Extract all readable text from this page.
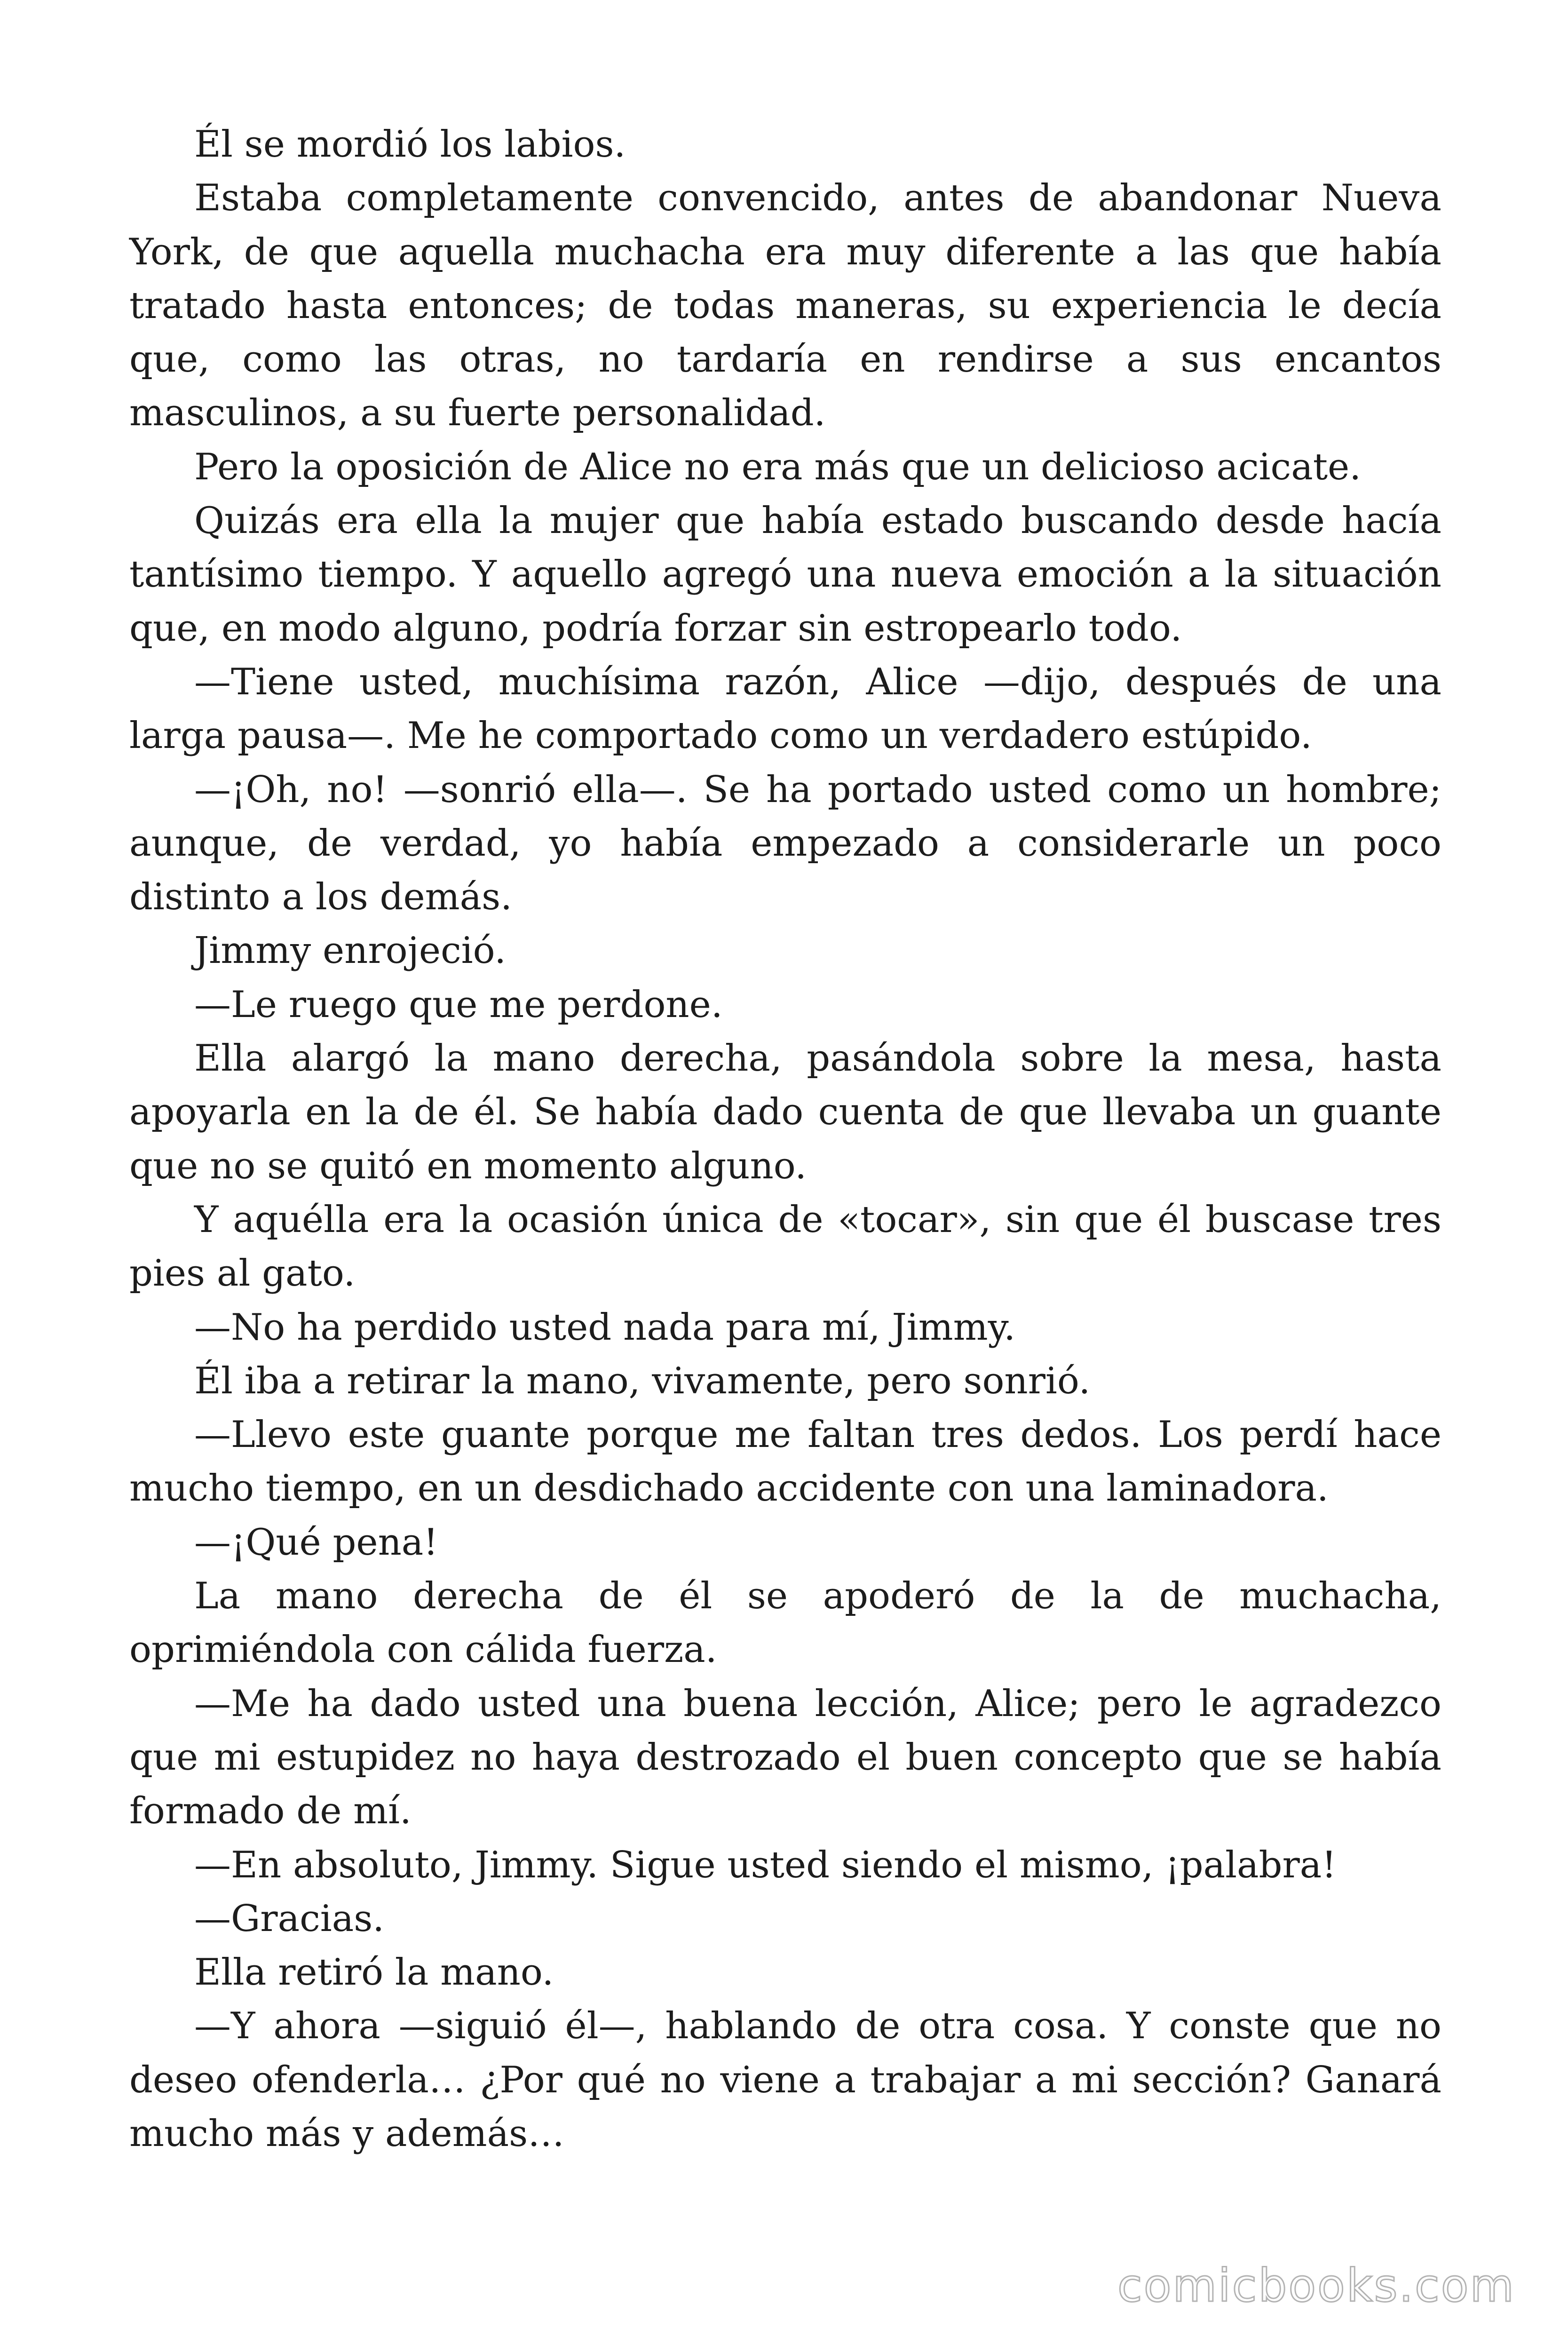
Él se mordió los labios.

Estaba completamente convencido, antes de abandonar Nueva York, de que aquella muchacha era muy diferente a las que había tratado hasta entonces; de todas maneras, su experiencia le decía que, como las otras, no tardaría en rendirse a sus encantos masculinos, a su fuerte personalidad.

Pero la oposición de Alice no era más que un delicioso acicate.

Quizás era ella la mujer que había estado buscando desde hacía tantísimo tiempo. Y aquello agregó una nueva emoción a la situación que, en modo alguno, podría forzar sin estropearlo todo.

—Tiene usted, muchísima razón, Alice —dijo, después de una larga pausa—. Me he comportado como un verdadero estúpido.

—¡Oh, no! —sonrió ella—. Se ha portado usted como un hombre; aunque, de verdad, yo había empezado a considerarle un poco distinto a los demás.

Jimmy enrojeció.

—Le ruego que me perdone.

Ella alargó la mano derecha, pasándola sobre la mesa, hasta apoyarla en la de él. Se había dado cuenta de que llevaba un guante que no se quitó en momento alguno.

Y aquélla era la ocasión única de «tocar», sin que él buscase tres pies al gato.

—No ha perdido usted nada para mí, Jimmy.

Él iba a retirar la mano, vivamente, pero sonrió.

—Llevo este guante porque me faltan tres dedos. Los perdí hace mucho tiempo, en un desdichado accidente con una laminadora.

—¡Qué pena!

La mano derecha de él se apoderó de la de muchacha, oprimiéndola con cálida fuerza.

—Me ha dado usted una buena lección, Alice; pero le agradezco que mi estupidez no haya destrozado el buen concepto que se había formado de mí.

—En absoluto, Jimmy. Sigue usted siendo el mismo, ¡palabra!

—Gracias.

Ella retiró la mano.

—Y ahora —siguió él—, hablando de otra cosa. Y conste que no deseo ofenderla… ¿Por qué no viene a trabajar a mi sección? Ganará mucho más y además…

comicbooks.com
